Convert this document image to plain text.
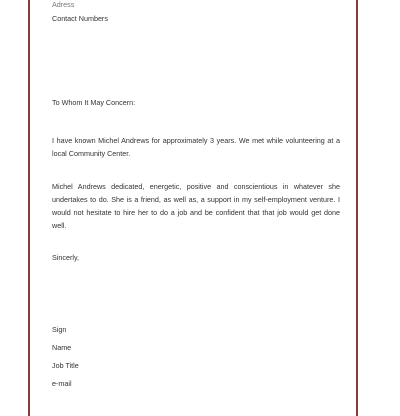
Adress

Contact Numbers

To Whom It May Concern:

I have known Michel Andrews for approximately 3 years. We met while volunteering at a local Community Center.

Michel Andrews dedicated, energetic, positive and conscientious in whatever she undertakes to do. She is a friend, as well as, a support in my self-employment venture. I would not hesitate to hire her to do a job and be confident that that job would get done well.

Sincerly,

Sign

Name

Job Title

e-mail
